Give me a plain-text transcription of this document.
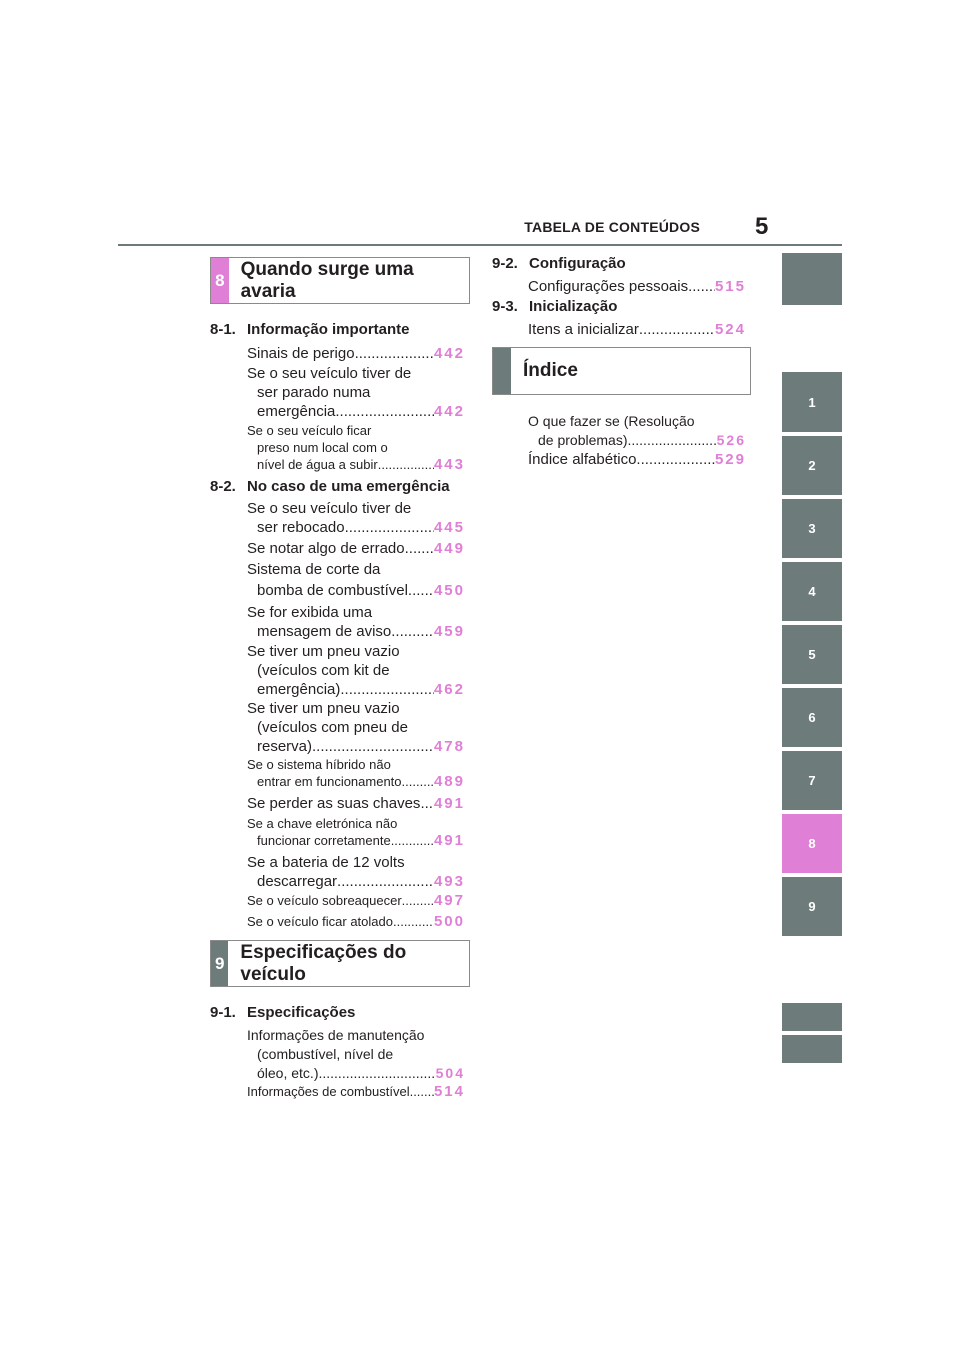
TABELA DE CONTEÚDOS 5
1
2
3
4
5
6
7
8
9
8
Quando surge uma avaria
8-1. Informação importante
Sinais de perigo .....	442
Se o seu veículo tiver de
ser parado numa
emergência .....	442
Se o seu veículo ficar
preso num local com o
nível de água a subir .....	443
8-2. No caso de uma emergência
Se o seu veículo tiver de
ser rebocado .....	445
Se notar algo de errado ..... 449
Sistema de corte da
bomba de combustível ..... 450
Se for exibida uma
mensagem de aviso .....	459
Se tiver um pneu vazio
(veículos com kit de
emergência) .....	462
Se tiver um pneu vazio
(veículos com pneu de
reserva) .....	478
Se o sistema híbrido não
entrar em funcionamento ..... 489
Se perder as suas chaves ..... 491
Se a chave eletrónica não
funcionar corretamente .....	491
Se a bateria de 12 volts
descarregar .....	493
Se o veículo sobreaquecer ..... 497
Se o veículo ficar atolado .....	500
9
Especificações do veículo
9-1. Especificações
Informações de manutenção
(combustível, nível de
óleo, etc.) .....	504
Informações de combustível ..... 514
9-2. Configuração
Configurações pessoais ..... 515
9-3. Inicialização
Itens a inicializar .....	524
Índice
O que fazer se (Resolução
de problemas) .....	526
Índice alfabético .....	529
